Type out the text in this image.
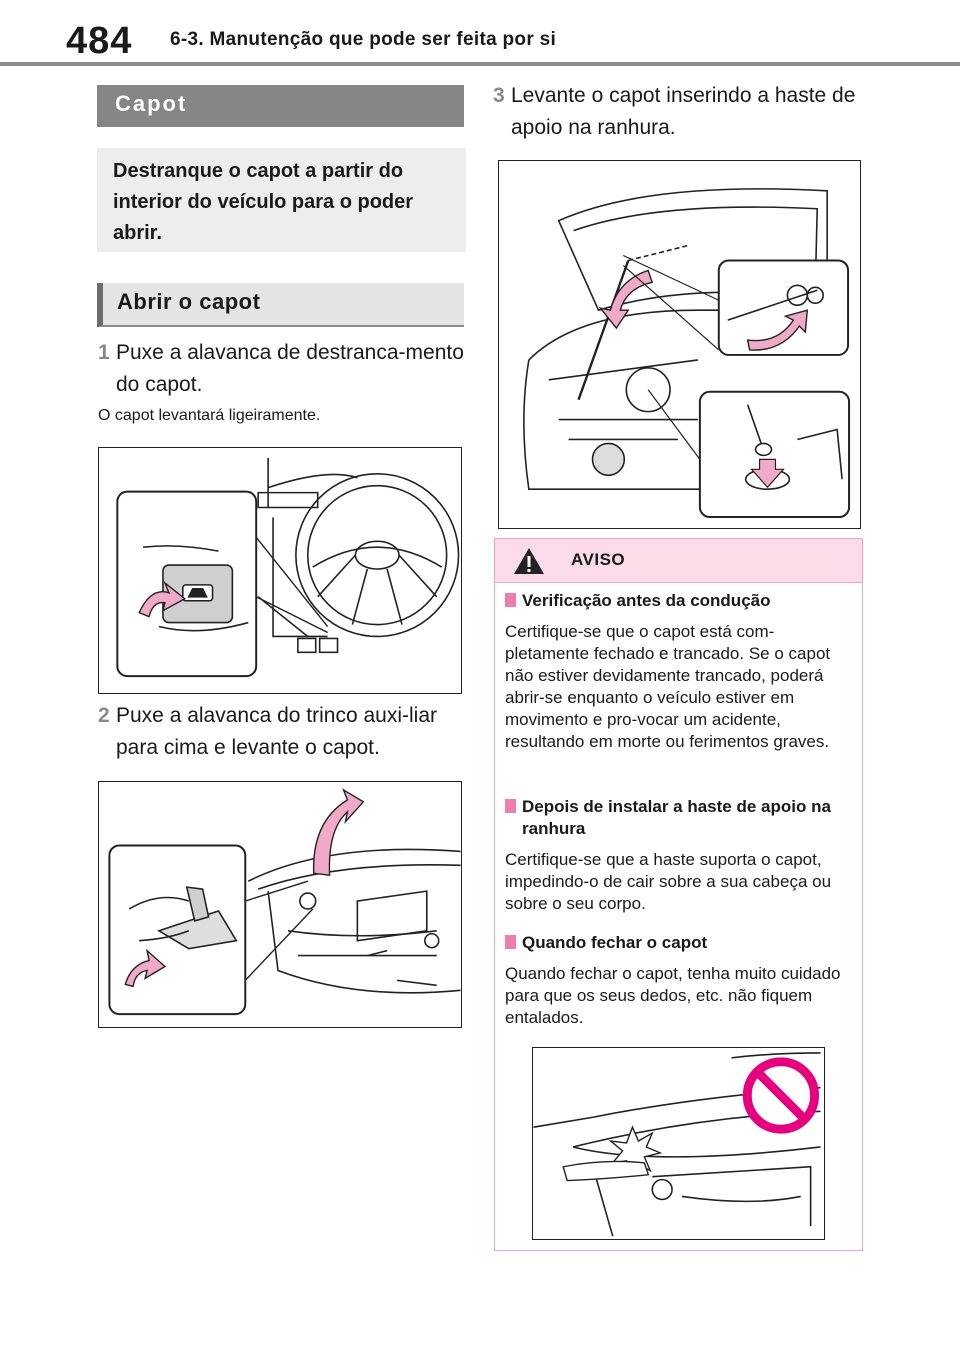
484 6-3. Manutenção que pode ser feita por si
Capot
Destranque o capot a partir do interior do veículo para o poder abrir.
Abrir o capot
1 Puxe a alavanca de destranca-mento do capot.
O capot levantará ligeiramente.
2 Puxe a alavanca do trinco auxi-liar para cima e levante o capot.
3 Levante o capot inserindo a haste de apoio na ranhura.
AVISO
Verificação antes da condução
Certifique-se que o capot está com-pletamente fechado e trancado. Se o capot não estiver devidamente trancado, poderá abrir-se enquanto o veículo estiver em movimento e pro-vocar um acidente, resultando em morte ou ferimentos graves.
Depois de instalar a haste de apoio na ranhura
Certifique-se que a haste suporta o capot, impedindo-o de cair sobre a sua cabeça ou sobre o seu corpo.
Quando fechar o capot
Quando fechar o capot, tenha muito cuidado para que os seus dedos, etc. não fiquem entalados.
